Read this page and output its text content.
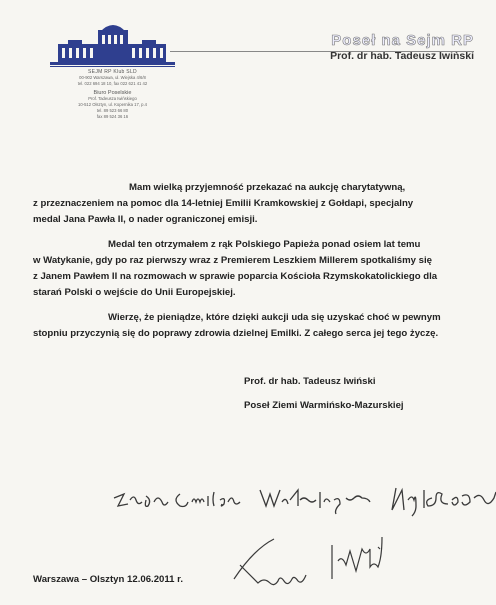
SEJM RP Klub SLD
00-902 Warszawa, ul. Wiejska 4/6/8
tel. 022 694 18 10, fax 022 621 41 42
Biuro Poselskie
Prof. Tadeusza Iwińskiego
10-512 Olsztyn, ul. Kopernika 17, p.4
tel. 89 523 66 80
fax 89 524 36 16
Poseł na Sejm RP
Prof. dr hab. Tadeusz Iwiński

Mam wielką przyjemność przekazać na aukcję charytatywną,
z przeznaczeniem na pomoc dla 14-letniej Emilii Kramkowskiej z Gołdapi, specjalny
medal Jana Pawła II, o nader ograniczonej emisji.

Medal ten otrzymałem z rąk Polskiego Papieża ponad osiem lat temu
w Watykanie, gdy po raz pierwszy wraz z Premierem Leszkiem Millerem spotkaliśmy się
z Janem Pawłem II na rozmowach w sprawie poparcia Kościoła Rzymskokatolickiego dla
starań Polski o wejście do Unii Europejskiej.

Wierzę, że pieniądze, które dzięki aukcji uda się uzyskać choć w pewnym
stopniu przyczynią się do poprawy zdrowia dzielnej Emilki. Z całego serca jej tego życzę.

Prof. dr hab. Tadeusz Iwiński
Poseł Ziemi Warmińsko-Mazurskiej
Warszawa – Olsztyn 12.06.2011 r.
